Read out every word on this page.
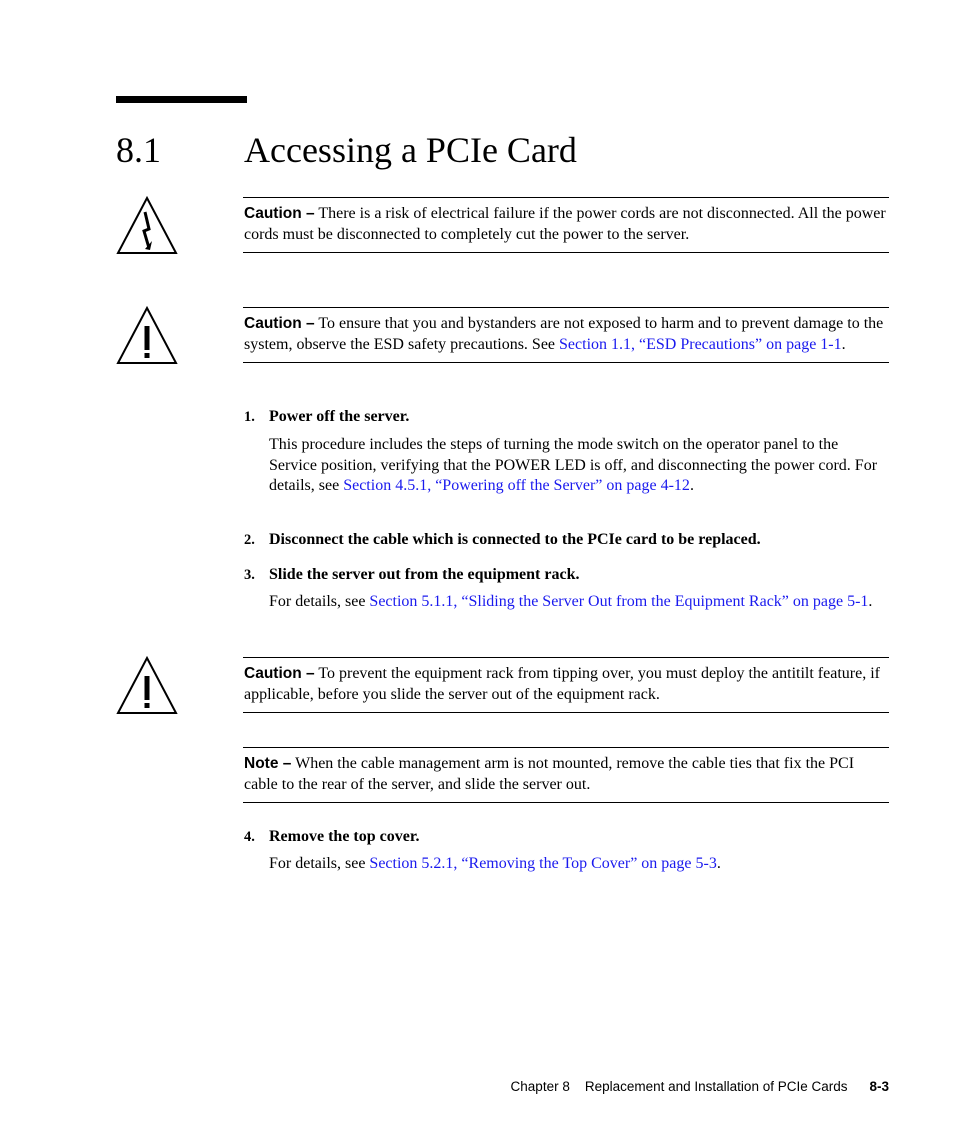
8.1 Accessing a PCIe Card

Caution – There is a risk of electrical failure if the power cords are not disconnected. All the power cords must be disconnected to completely cut the power to the server.

Caution – To ensure that you and bystanders are not exposed to harm and to prevent damage to the system, observe the ESD safety precautions. See Section 1.1, “ESD Precautions” on page 1-1.

1. Power off the server.

This procedure includes the steps of turning the mode switch on the operator panel to the Service position, verifying that the POWER LED is off, and disconnecting the power cord. For details, see Section 4.5.1, “Powering off the Server” on page 4-12.

2. Disconnect the cable which is connected to the PCIe card to be replaced.
3. Slide the server out from the equipment rack.

For details, see Section 5.1.1, “Sliding the Server Out from the Equipment Rack” on page 5-1.

Caution – To prevent the equipment rack from tipping over, you must deploy the antitilt feature, if applicable, before you slide the server out of the equipment rack.

Note – When the cable management arm is not mounted, remove the cable ties that fix the PCI cable to the rear of the server, and slide the server out.

4. Remove the top cover.

For details, see Section 5.2.1, “Removing the Top Cover” on page 5-3.

Chapter 8    Replacement and Installation of PCIe Cards 8-3
